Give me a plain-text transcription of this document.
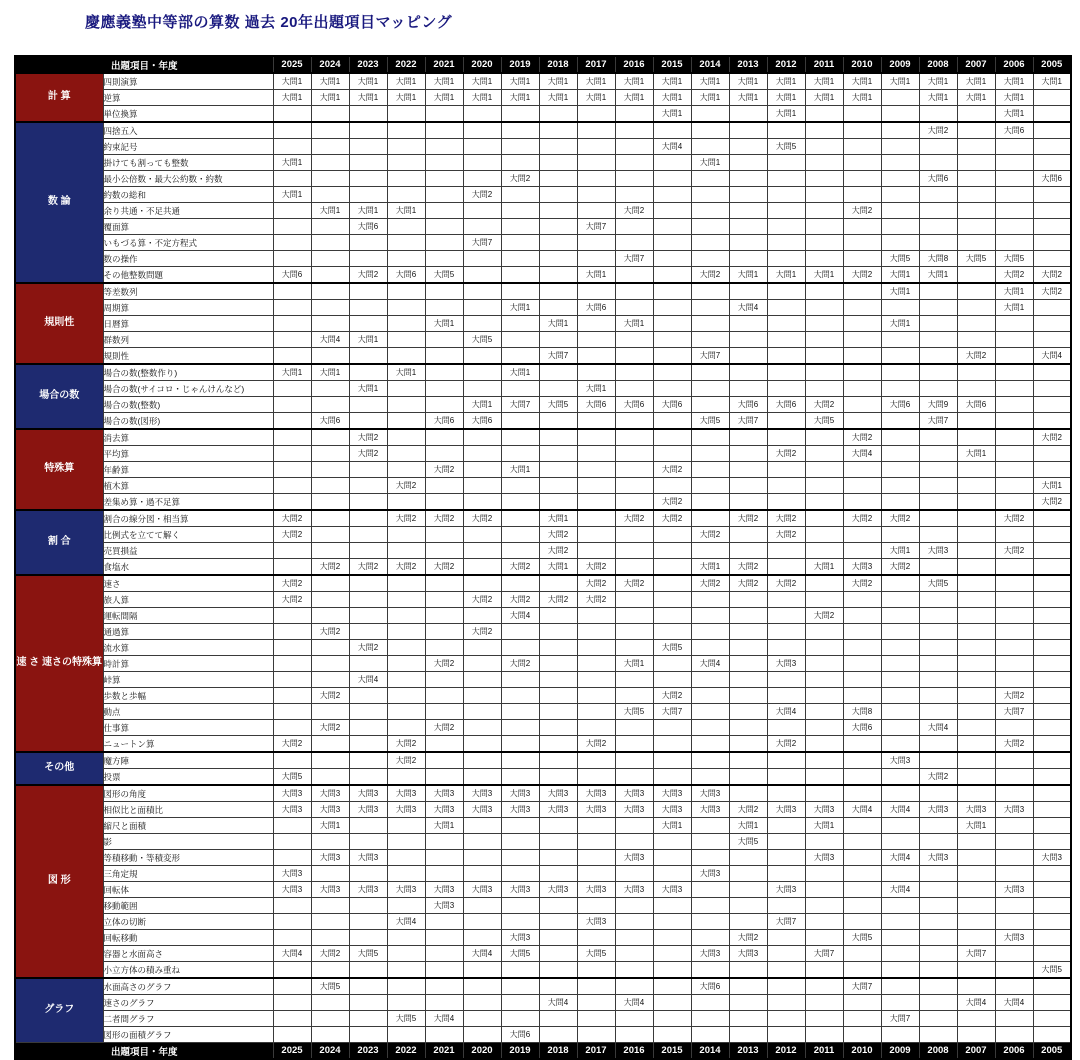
慶應義塾中等部の算数 過去 20年出題項目マッピング
出題項目・年度		2025	2024	2023	2022	2021	2020	2019	2018	2017	2016	2015	2014	2013	2012	2011	2010	2009	2008	2007	2006	2005
計 算	四則演算	大問1	大問1	大問1	大問1	大問1	大問1	大問1	大問1	大問1	大問1	大問1	大問1	大問1	大問1	大問1	大問1	大問1	大問1	大問1	大問1	大問1
	逆算	大問1	大問1	大問1	大問1	大問1	大問1	大問1	大問1	大問1	大問1	大問1	大問1	大問1	大問1	大問1	大問1		大問1	大問1	大問1	
	単位換算											大問1			大問1						大問1	
数 論	四捨五入																		大問2		大問6	
	約束記号											大問4			大問5							
	掛けても割っても整数	大問1											大問1									
	最小公倍数・最大公約数・約数							大問2											大問6			大問6
	約数の総和	大問1					大問2															
	余り共通・不足共通		大問1	大問1	大問1						大問2						大問2					
	覆面算			大問6						大問7												
	いもづる算・不定方程式						大問7															
	数の操作										大問7							大問5	大問8	大問5	大問5	
	その他整数問題	大問6		大問2	大問6	大問5				大問1			大問2	大問1	大問1	大問1	大問2	大問1	大問1		大問2	大問2
規則性	等差数列																	大問1			大問1	大問2
	周期算							大問1		大問6				大問4							大問1	
	日暦算					大問1			大問1		大問1							大問1				
	群数列		大問4	大問1			大問5															
	規則性								大問7				大問7							大問2		大問4
場合の数	場合の数(整数作り)	大問1	大問1		大問1			大問1														
	場合の数(サイコロ・じゃんけんなど)			大問1						大問1												
	場合の数(整数)						大問1	大問7	大問5	大問6	大問6	大問6		大問6	大問6	大問2		大問6	大問9	大問6		
	場合の数(図形)		大問6			大問6	大問6						大問5	大問7		大問5			大問7			
特殊算	消去算			大問2													大問2					大問2
	平均算			大問2											大問2		大問4			大問1		
	年齢算					大問2		大問1				大問2										
	植木算				大問2																	大問1
	差集め算・過不足算											大問2										大問2
割 合	割合の線分図・相当算	大問2			大問2	大問2	大問2		大問1		大問2	大問2		大問2	大問2		大問2	大問2			大問2	
	比例式を立てて解く	大問2							大問2				大問2		大問2							
	売買損益								大問2									大問1	大問3		大問2	
	食塩水		大問2	大問2	大問2	大問2		大問2	大問1	大問2			大問1	大問2		大問1	大問3	大問2				
速 さ 速さの特殊算	速さ	大問2								大問2	大問2		大問2	大問2	大問2		大問2		大問5			
	旅人算	大問2					大問2	大問2	大問2	大問2												
	運転間隔							大問4								大問2						
	通過算		大問2				大問2															
	流水算			大問2								大問5										
	時計算					大問2		大問2			大問1		大問4		大問3							
	峠算			大問4																		
	歩数と歩幅		大問2									大問2									大問2	
	動点										大問5	大問7			大問4		大問8				大問7	
	仕事算		大問2			大問2											大問6		大問4			
	ニュートン算	大問2			大問2					大問2					大問2						大問2	
その他	魔方陣				大問2													大問3				
	投票	大問5																	大問2			
図 形	図形の角度	大問3	大問3	大問3	大問3	大問3	大問3	大問3	大問3	大問3	大問3	大問3	大問3									
	相似比と面積比	大問3	大問3	大問3	大問3	大問3	大問3	大問3	大問3	大問3	大問3	大問3	大問3	大問2	大問3	大問3	大問4	大問4	大問3	大問3	大問3	
	縮尺と面積		大問1			大問1						大問1		大問1		大問1				大問1		
	影													大問5								
	等積移動・等積変形		大問3	大問3							大問3					大問3		大問4	大問3			大問3
	三角定規	大問3											大問3									
	回転体	大問3	大問3	大問3	大問3	大問3	大問3	大問3	大問3	大問3	大問3	大問3			大問3			大問4			大問3	
	移動範囲					大問3																
	立体の切断				大問4					大問3					大問7							
	回転移動							大問3						大問2			大問5				大問3	
	容器と水面高さ	大問4	大問2	大問5			大問4	大問5		大問5			大問3	大問3		大問7				大問7		
	小立方体の積み重ね																					大問5
グラフ	水面高さのグラフ		大問5										大問6				大問7					
	速さのグラフ								大問4		大問4									大問4	大問4	
	二者間グラフ				大問5	大問4												大問7				
	図形の面積グラフ							大問6														
出題項目・年度		2025	2024	2023	2022	2021	2020	2019	2018	2017	2016	2015	2014	2013	2012	2011	2010	2009	2008	2007	2006	2005
